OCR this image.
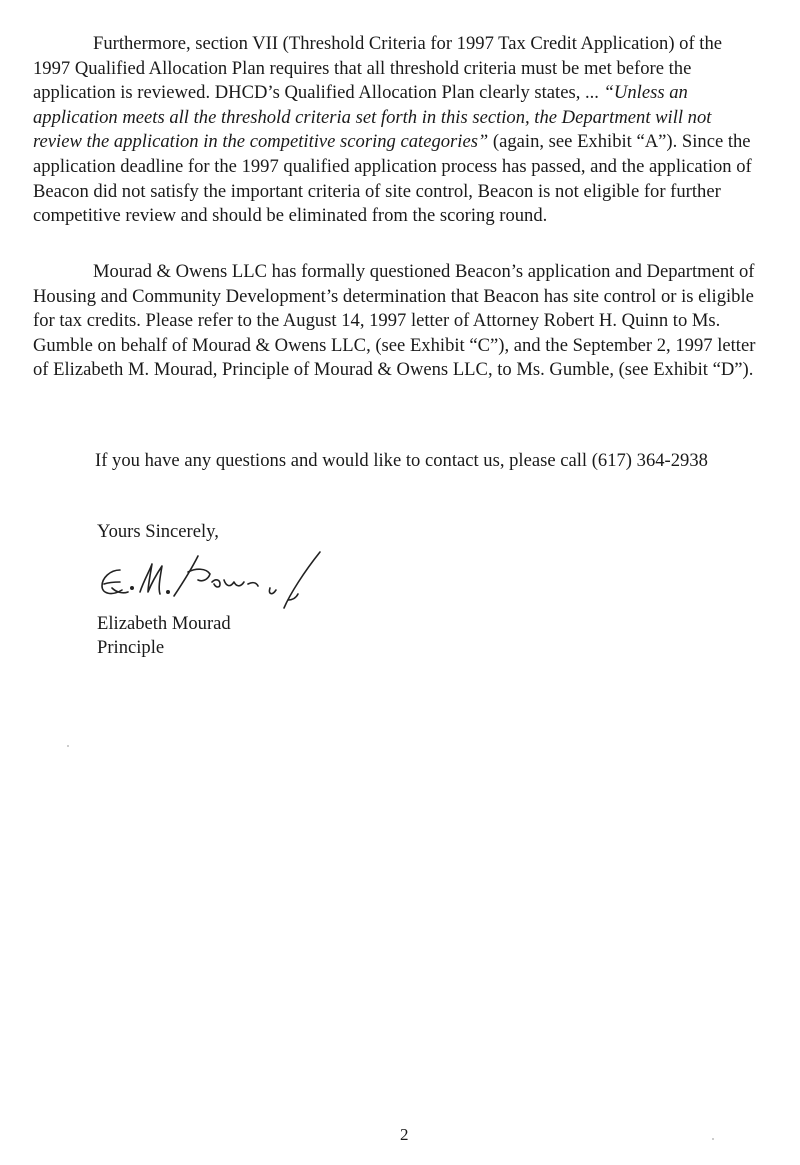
Furthermore, section VII (Threshold Criteria for 1997 Tax Credit Application) of the 1997 Qualified Allocation Plan requires that all threshold criteria must be met before the application is reviewed. DHCD’s Qualified Allocation Plan clearly states, ... “Unless an application meets all the threshold criteria set forth in this section, the Department will not review the application in the competitive scoring categories” (again, see Exhibit “A”). Since the application deadline for the 1997 qualified application process has passed, and the application of Beacon did not satisfy the important criteria of site control, Beacon is not eligible for further competitive review and should be eliminated from the scoring round.

Mourad & Owens LLC has formally questioned Beacon’s application and Department of Housing and Community Development’s determination that Beacon has site control or is eligible for tax credits. Please refer to the August 14, 1997 letter of Attorney Robert H. Quinn to Ms. Gumble on behalf of Mourad & Owens LLC, (see Exhibit “C”), and the September 2, 1997 letter of Elizabeth M. Mourad, Principle of Mourad & Owens LLC, to Ms. Gumble, (see Exhibit “D”).

If you have any questions and would like to contact us, please call (617) 364-2938

Yours Sincerely,

Elizabeth Mourad
Principle
2
